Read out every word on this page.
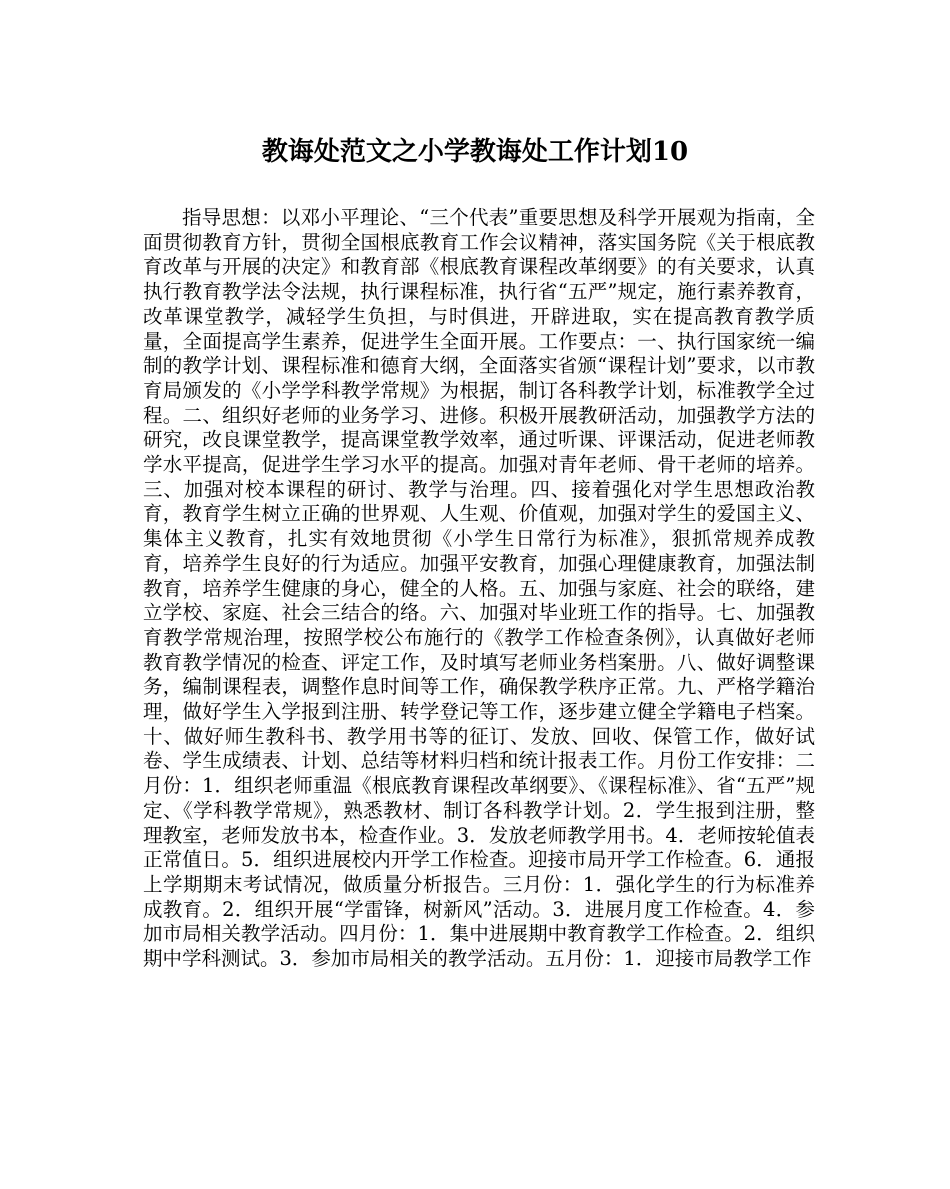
教诲处范文之小学教诲处工作计划10

指导思想：以邓小平理论、“三个代表”重要思想及科学开展观为指南，全面贯彻教育方针，贯彻全国根底教育工作会议精神，落实国务院《关于根底教育改革与开展的决定》和教育部《根底教育课程改革纲要》的有关要求，认真执行教育教学法令法规，执行课程标准，执行省“五严”规定，施行素养教育，改革课堂教学，减轻学生负担，与时俱进，开辟进取，实在提高教育教学质量，全面提高学生素养，促进学生全面开展。工作要点：一、执行国家统一编制的教学计划、课程标准和德育大纲，全面落实省颁“课程计划”要求，以市教育局颁发的《小学学科教学常规》为根据，制订各科教学计划，标准教学全过程。二、组织好老师的业务学习、进修。积极开展教研活动，加强教学方法的研究，改良课堂教学，提高课堂教学效率，通过听课、评课活动，促进老师教学水平提高，促进学生学习水平的提高。加强对青年老师、骨干老师的培养。三、加强对校本课程的研讨、教学与治理。四、接着强化对学生思想政治教育，教育学生树立正确的世界观、人生观、价值观，加强对学生的爱国主义、集体主义教育，扎实有效地贯彻《小学生日常行为标准》，狠抓常规养成教育，培养学生良好的行为适应。加强平安教育，加强心理健康教育，加强法制教育，培养学生健康的身心，健全的人格。五、加强与家庭、社会的联络，建立学校、家庭、社会三结合的络。六、加强对毕业班工作的指导。七、加强教育教学常规治理，按照学校公布施行的《教学工作检查条例》，认真做好老师教育教学情况的检查、评定工作，及时填写老师业务档案册。八、做好调整课务，编制课程表，调整作息时间等工作，确保教学秩序正常。九、严格学籍治理，做好学生入学报到注册、转学登记等工作，逐步建立健全学籍电子档案。十、做好师生教科书、教学用书等的征订、发放、回收、保管工作，做好试卷、学生成绩表、计划、总结等材料归档和统计报表工作。月份工作安排：二月份：1．组织老师重温《根底教育课程改革纲要》、《课程标准》、省“五严”规定、《学科教学常规》，熟悉教材、制订各科教学计划。2．学生报到注册，整理教室，老师发放书本，检查作业。3．发放老师教学用书。4．老师按轮值表正常值日。5．组织进展校内开学工作检查。迎接市局开学工作检查。6．通报上学期期末考试情况，做质量分析报告。三月份：1．强化学生的行为标准养成教育。2．组织开展“学雷锋，树新风”活动。3．进展月度工作检查。4．参加市局相关教学活动。四月份：1．集中进展期中教育教学工作检查。2．组织期中学科测试。3．参加市局相关的教学活动。五月份：1．迎接市局教学工作
